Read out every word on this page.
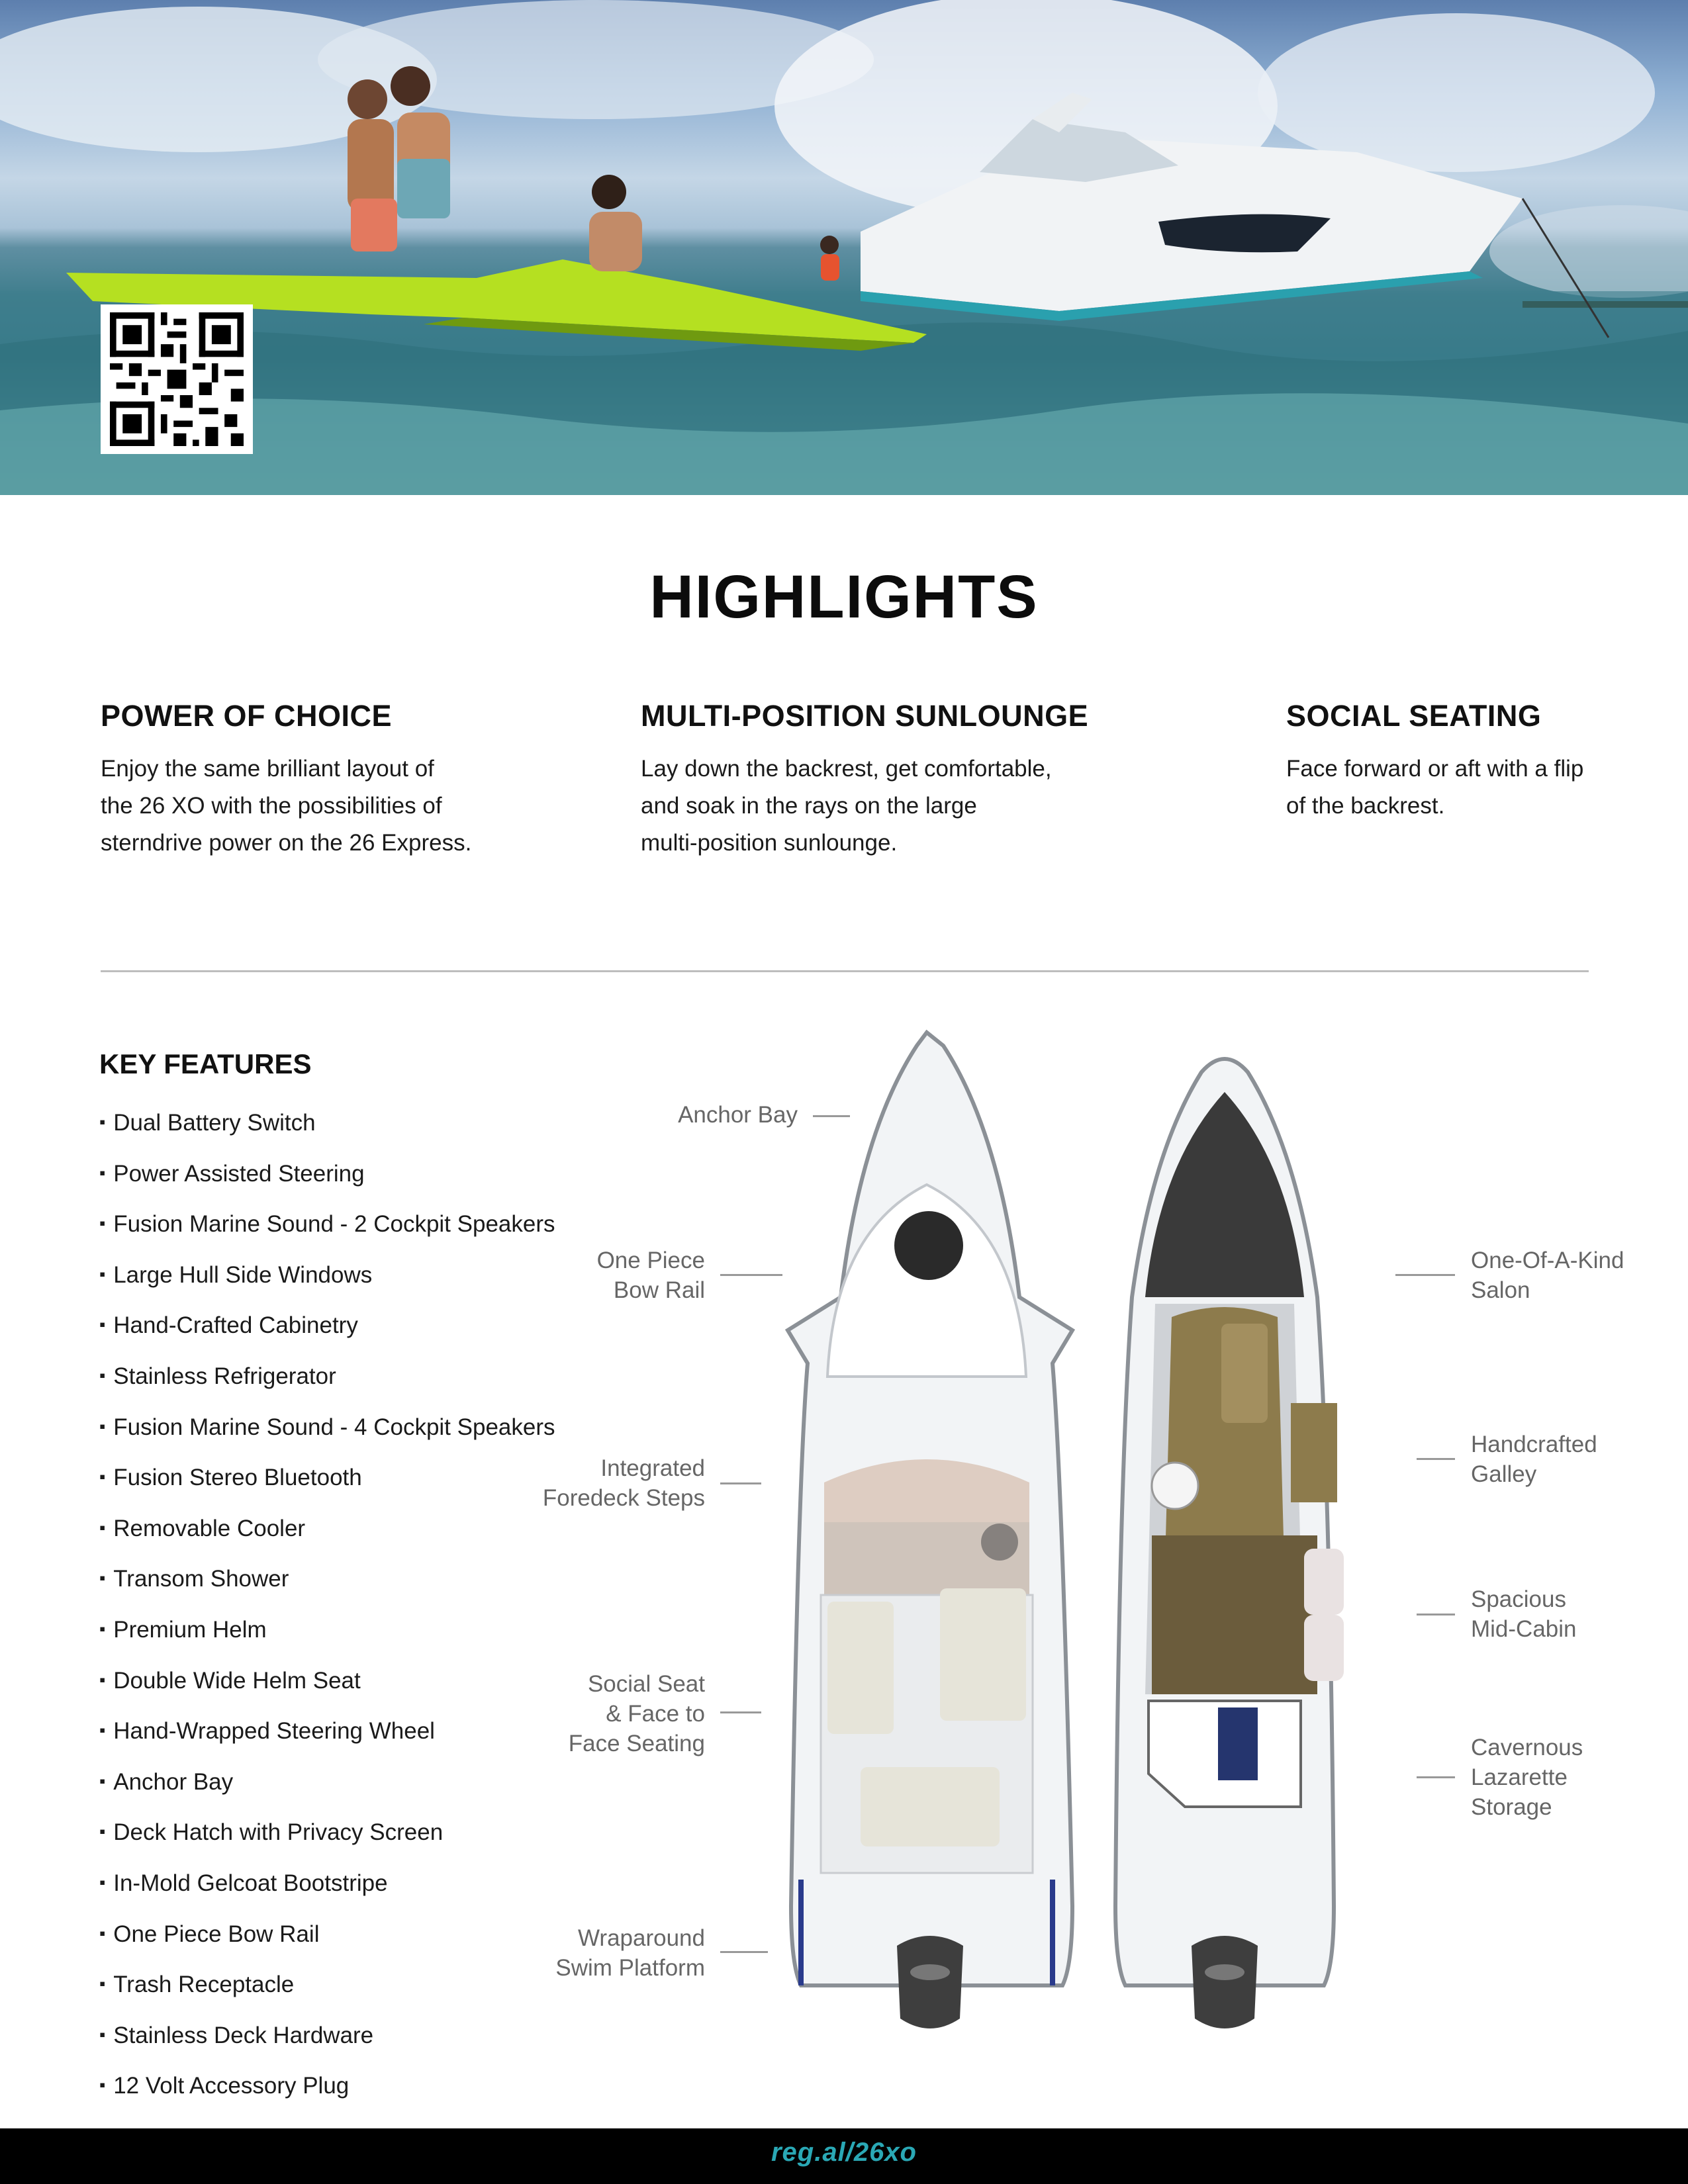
HIGHLIGHTS
POWER OF CHOICE

Enjoy the same brilliant layout of
the 26 XO with the possibilities of
sterndrive power on the 26 Express.

MULTI-POSITION SUNLOUNGE

Lay down the backrest, get comfortable,
and soak in the rays on the large
multi-position sunlounge.

SOCIAL SEATING

Face forward or aft with a flip
of the backrest.

KEY FEATURES
▪ Dual Battery Switch
▪ Power Assisted Steering
▪ Fusion Marine Sound - 2 Cockpit Speakers
▪ Large Hull Side Windows
▪ Hand-Crafted Cabinetry
▪ Stainless Refrigerator
▪ Fusion Marine Sound - 4 Cockpit Speakers
▪ Fusion Stereo Bluetooth
▪ Removable Cooler
▪ Transom Shower
▪ Premium Helm
▪ Double Wide Helm Seat
▪ Hand-Wrapped Steering Wheel
▪ Anchor Bay
▪ Deck Hatch with Privacy Screen
▪ In-Mold Gelcoat Bootstripe
▪ One Piece Bow Rail
▪ Trash Receptacle
▪ Stainless Deck Hardware
▪ 12 Volt Accessory Plug
Anchor Bay
One Piece
Bow Rail
Integrated
Foredeck Steps
Social Seat
& Face to
Face Seating
Wraparound
Swim Platform
One-Of-A-Kind
Salon
Handcrafted
Galley
Spacious
Mid-Cabin
Cavernous
Lazarette
Storage
reg.al/26xo
